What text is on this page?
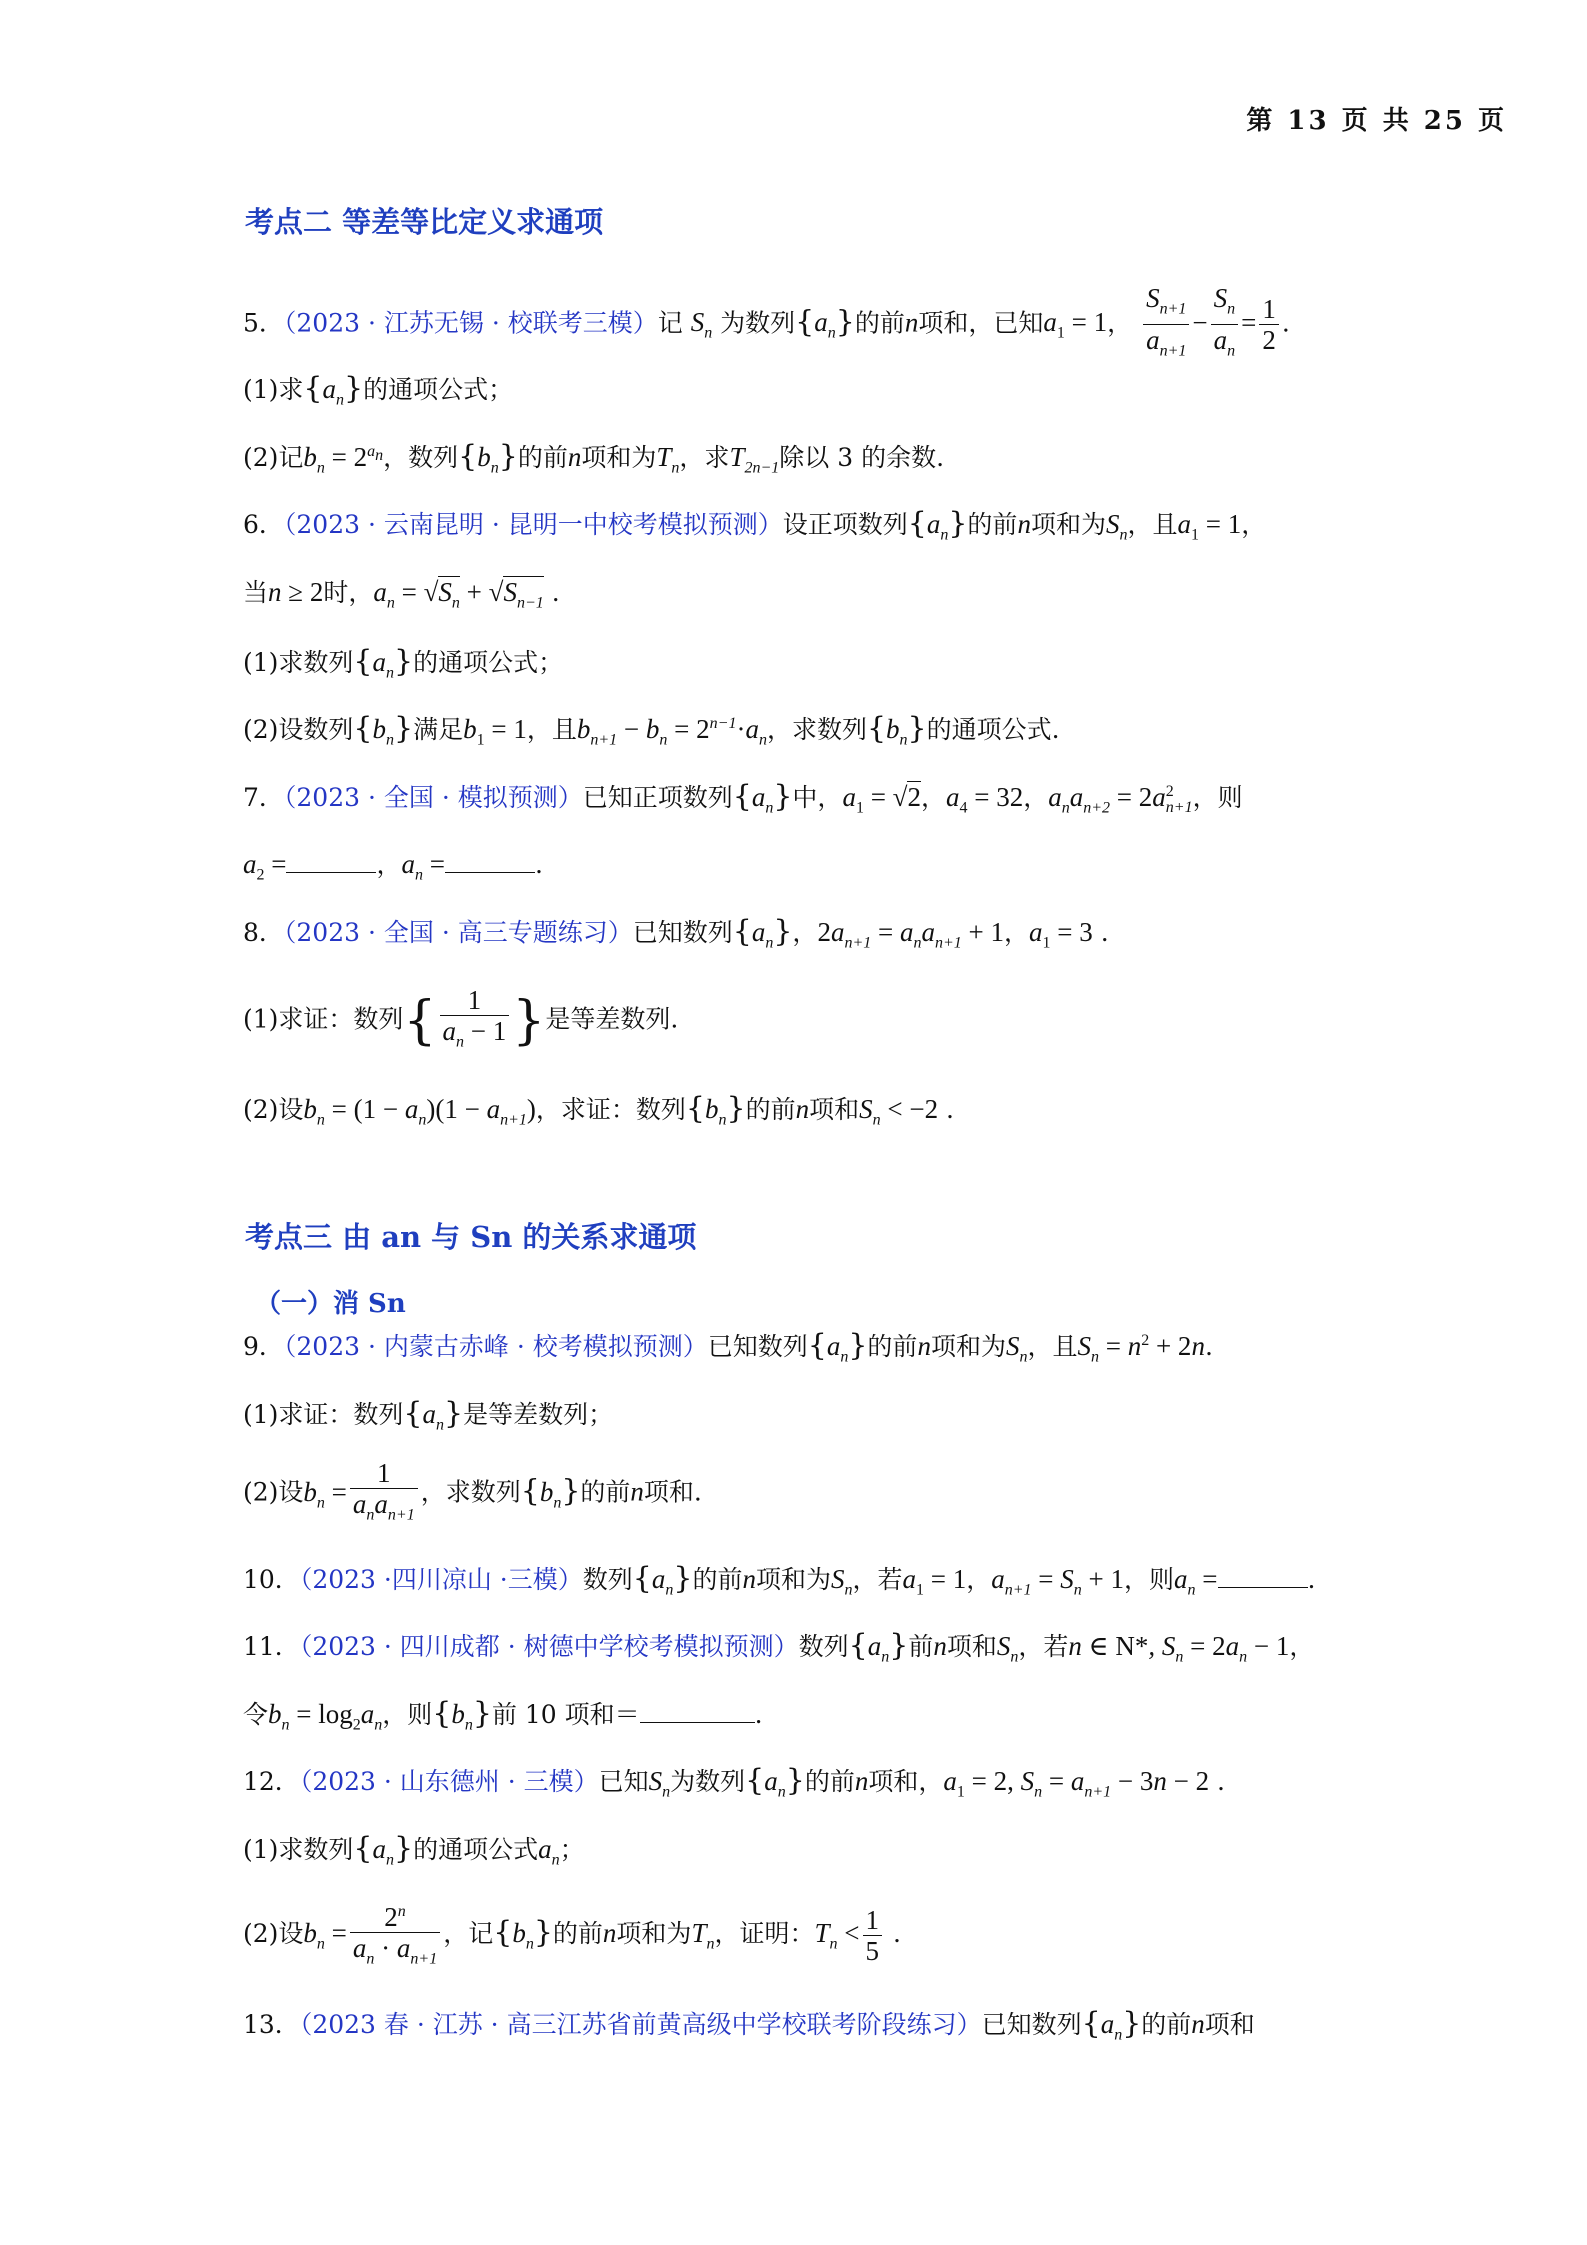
第 13 页 共 25 页
考点二 等差等比定义求通项
5．（2023 · 江苏无锡 · 校联考三模）记 $S_n$ 为数列$\{a_n\}$的前n项和，已知$a_1 = 1$， $\frac{S_{n+1}}{a_{n+1}} - \frac{S_n}{a_n} = \frac{1}{2}$ .
(1)求$\{a_n\}$的通项公式；
(2)记$b_n = 2^{a_n}$，数列$\{b_n\}$的前n项和为$T_n$，求$T_{2n-1}$除以 3 的余数.
6．（2023 · 云南昆明 · 昆明一中校考模拟预测）设正项数列$\{a_n\}$的前n项和为$S_n$，且$a_1 = 1$，
当n ≥ 2时，$a_n = √S_n + √S_{n-1}$ .
(1)求数列$\{a_n\}$的通项公式；
(2)设数列$\{b_n\}$满足$b_1 = 1$，且$b_{n+1} - b_n = 2^{n-1}\cdot a_n$，求数列$\{b_n\}$的通项公式.
7．（2023 · 全国 · 模拟预测）已知正项数列$\{a_n\}$中，$a_1 = √2$，$a_4 = 32$，$a_na_{n+2} = 2a^2_{n+1}$，则
$a_2$ =	，$a_n$ =	.
8．（2023 · 全国 · 高三专题练习）已知数列$\{a_n\}$，$2a_{n+1} = a_na_{n+1} + 1$，$a_1 = 3$ .
(1)求证：数列{ $\frac{1}{a_n - 1}$ }是等差数列.
(2)设$b_n = (1 - a_n)(1 - a_{n+1})$，求证：数列$\{b_n\}$的前n项和$S_n < -2$ .
考点三 由 an 与 Sn 的关系求通项
（一）消 Sn
9．（2023 · 内蒙古赤峰 · 校考模拟预测）已知数列$\{a_n\}$的前n项和为$S_n$，且$S_n = n^2 + 2n$.
(1)求证：数列$\{a_n\}$是等差数列；
(2)设$b_n = \frac{1}{a_na_{n+1}}$ ，求数列$\{b_n\}$的前n项和.
10．（2023 ·四川凉山 ·三模）数列$\{a_n\}$的前n项和为$S_n$，若$a_1 = 1$，$a_{n+1} = S_n + 1$，则$a_n$ =	.
11．（2023 · 四川成都 · 树德中学校考模拟预测）数列$\{a_n\}$前n项和$S_n$，若n ∈ N*, $S_n = 2a_n - 1$，
令$b_n = \log_2a_n$，则$\{b_n\}$前 10 项和＝	.
12．（2023 · 山东德州 · 三模）已知$S_n$为数列$\{a_n\}$的前n项和，$a_1 = 2$, $S_n = a_{n+1} - 3n - 2$ .
(1)求数列$\{a_n\}$的通项公式$a_n$；
(2)设$b_n = \frac{2^n}{a_n \cdot a_{n+1}}$ ，记$\{b_n\}$的前n项和为$T_n$，证明：$T_n < \frac{1}{5}$ .
13．（2023 春 · 江苏 · 高三江苏省前黄高级中学校联考阶段练习）已知数列$\{a_n\}$的前n项和
